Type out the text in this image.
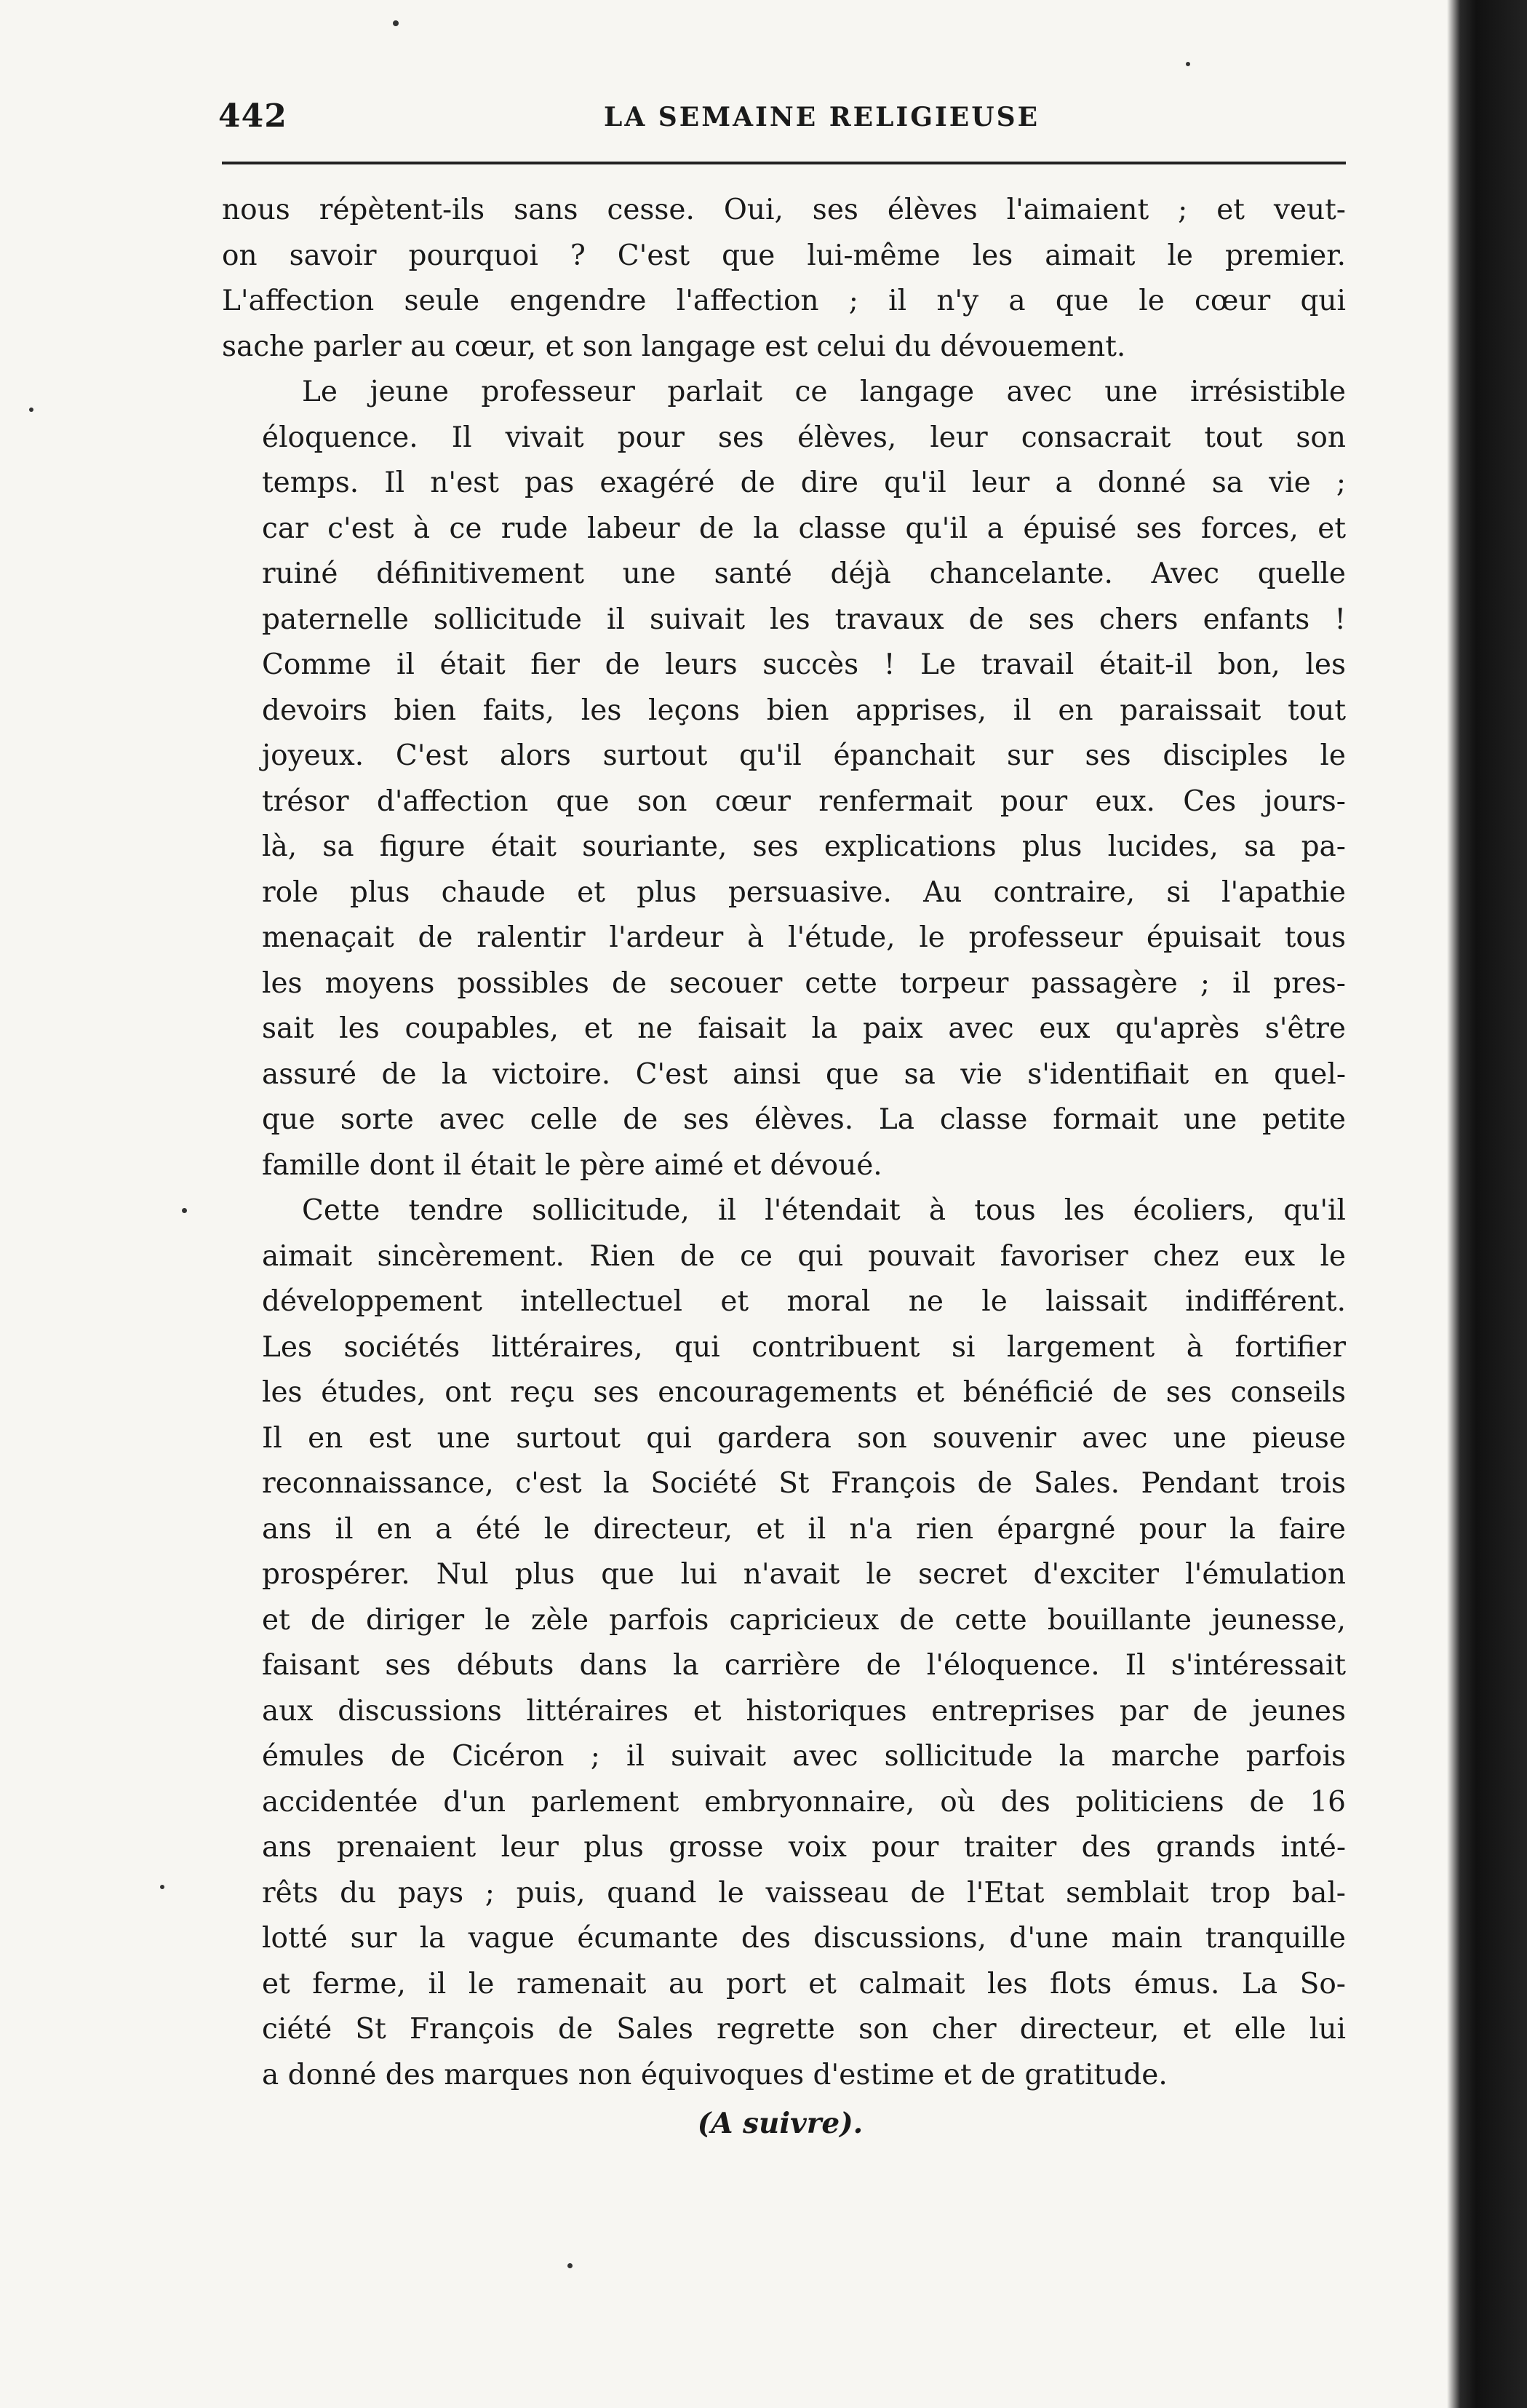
442	LA SEMAINE RELIGIEUSE

nous répètent-ils sans cesse. Oui, ses élèves l'aimaient ; et veut-
on savoir pourquoi ? C'est que lui-même les aimait le premier.
L'affection seule engendre l'affection ; il n'y a que le cœur qui
sache parler au cœur, et son langage est celui du dévouement.

Le jeune professeur parlait ce langage avec une irrésistible
éloquence. Il vivait pour ses élèves, leur consacrait tout son
temps. Il n'est pas exagéré de dire qu'il leur a donné sa vie ;
car c'est à ce rude labeur de la classe qu'il a épuisé ses forces, et
ruiné définitivement une santé déjà chancelante. Avec quelle
paternelle sollicitude il suivait les travaux de ses chers enfants !
Comme il était fier de leurs succès ! Le travail était-il bon, les
devoirs bien faits, les leçons bien apprises, il en paraissait tout
joyeux. C'est alors surtout qu'il épanchait sur ses disciples le
trésor d'affection que son cœur renfermait pour eux. Ces jours-
là, sa figure était souriante, ses explications plus lucides, sa pa-
role plus chaude et plus persuasive. Au contraire, si l'apathie
menaçait de ralentir l'ardeur à l'étude, le professeur épuisait tous
les moyens possibles de secouer cette torpeur passagère ; il pres-
sait les coupables, et ne faisait la paix avec eux qu'après s'être
assuré de la victoire. C'est ainsi que sa vie s'identifiait en quel-
que sorte avec celle de ses élèves. La classe formait une petite
famille dont il était le père aimé et dévoué.

Cette tendre sollicitude, il l'étendait à tous les écoliers, qu'il
aimait sincèrement. Rien de ce qui pouvait favoriser chez eux le
développement intellectuel et moral ne le laissait indifférent.
Les sociétés littéraires, qui contribuent si largement à fortifier
les études, ont reçu ses encouragements et bénéficié de ses conseils
Il en est une surtout qui gardera son souvenir avec une pieuse
reconnaissance, c'est la Société St François de Sales. Pendant trois
ans il en a été le directeur, et il n'a rien épargné pour la faire
prospérer. Nul plus que lui n'avait le secret d'exciter l'émulation
et de diriger le zèle parfois capricieux de cette bouillante jeunesse,
faisant ses débuts dans la carrière de l'éloquence. Il s'intéressait
aux discussions littéraires et historiques entreprises par de jeunes
émules de Cicéron ; il suivait avec sollicitude la marche parfois
accidentée d'un parlement embryonnaire, où des politiciens de 16
ans prenaient leur plus grosse voix pour traiter des grands inté-
rêts du pays ; puis, quand le vaisseau de l'Etat semblait trop bal-
lotté sur la vague écumante des discussions, d'une main tranquille
et ferme, il le ramenait au port et calmait les flots émus. La So-
ciété St François de Sales regrette son cher directeur, et elle lui
a donné des marques non équivoques d'estime et de gratitude.

(A suivre).
